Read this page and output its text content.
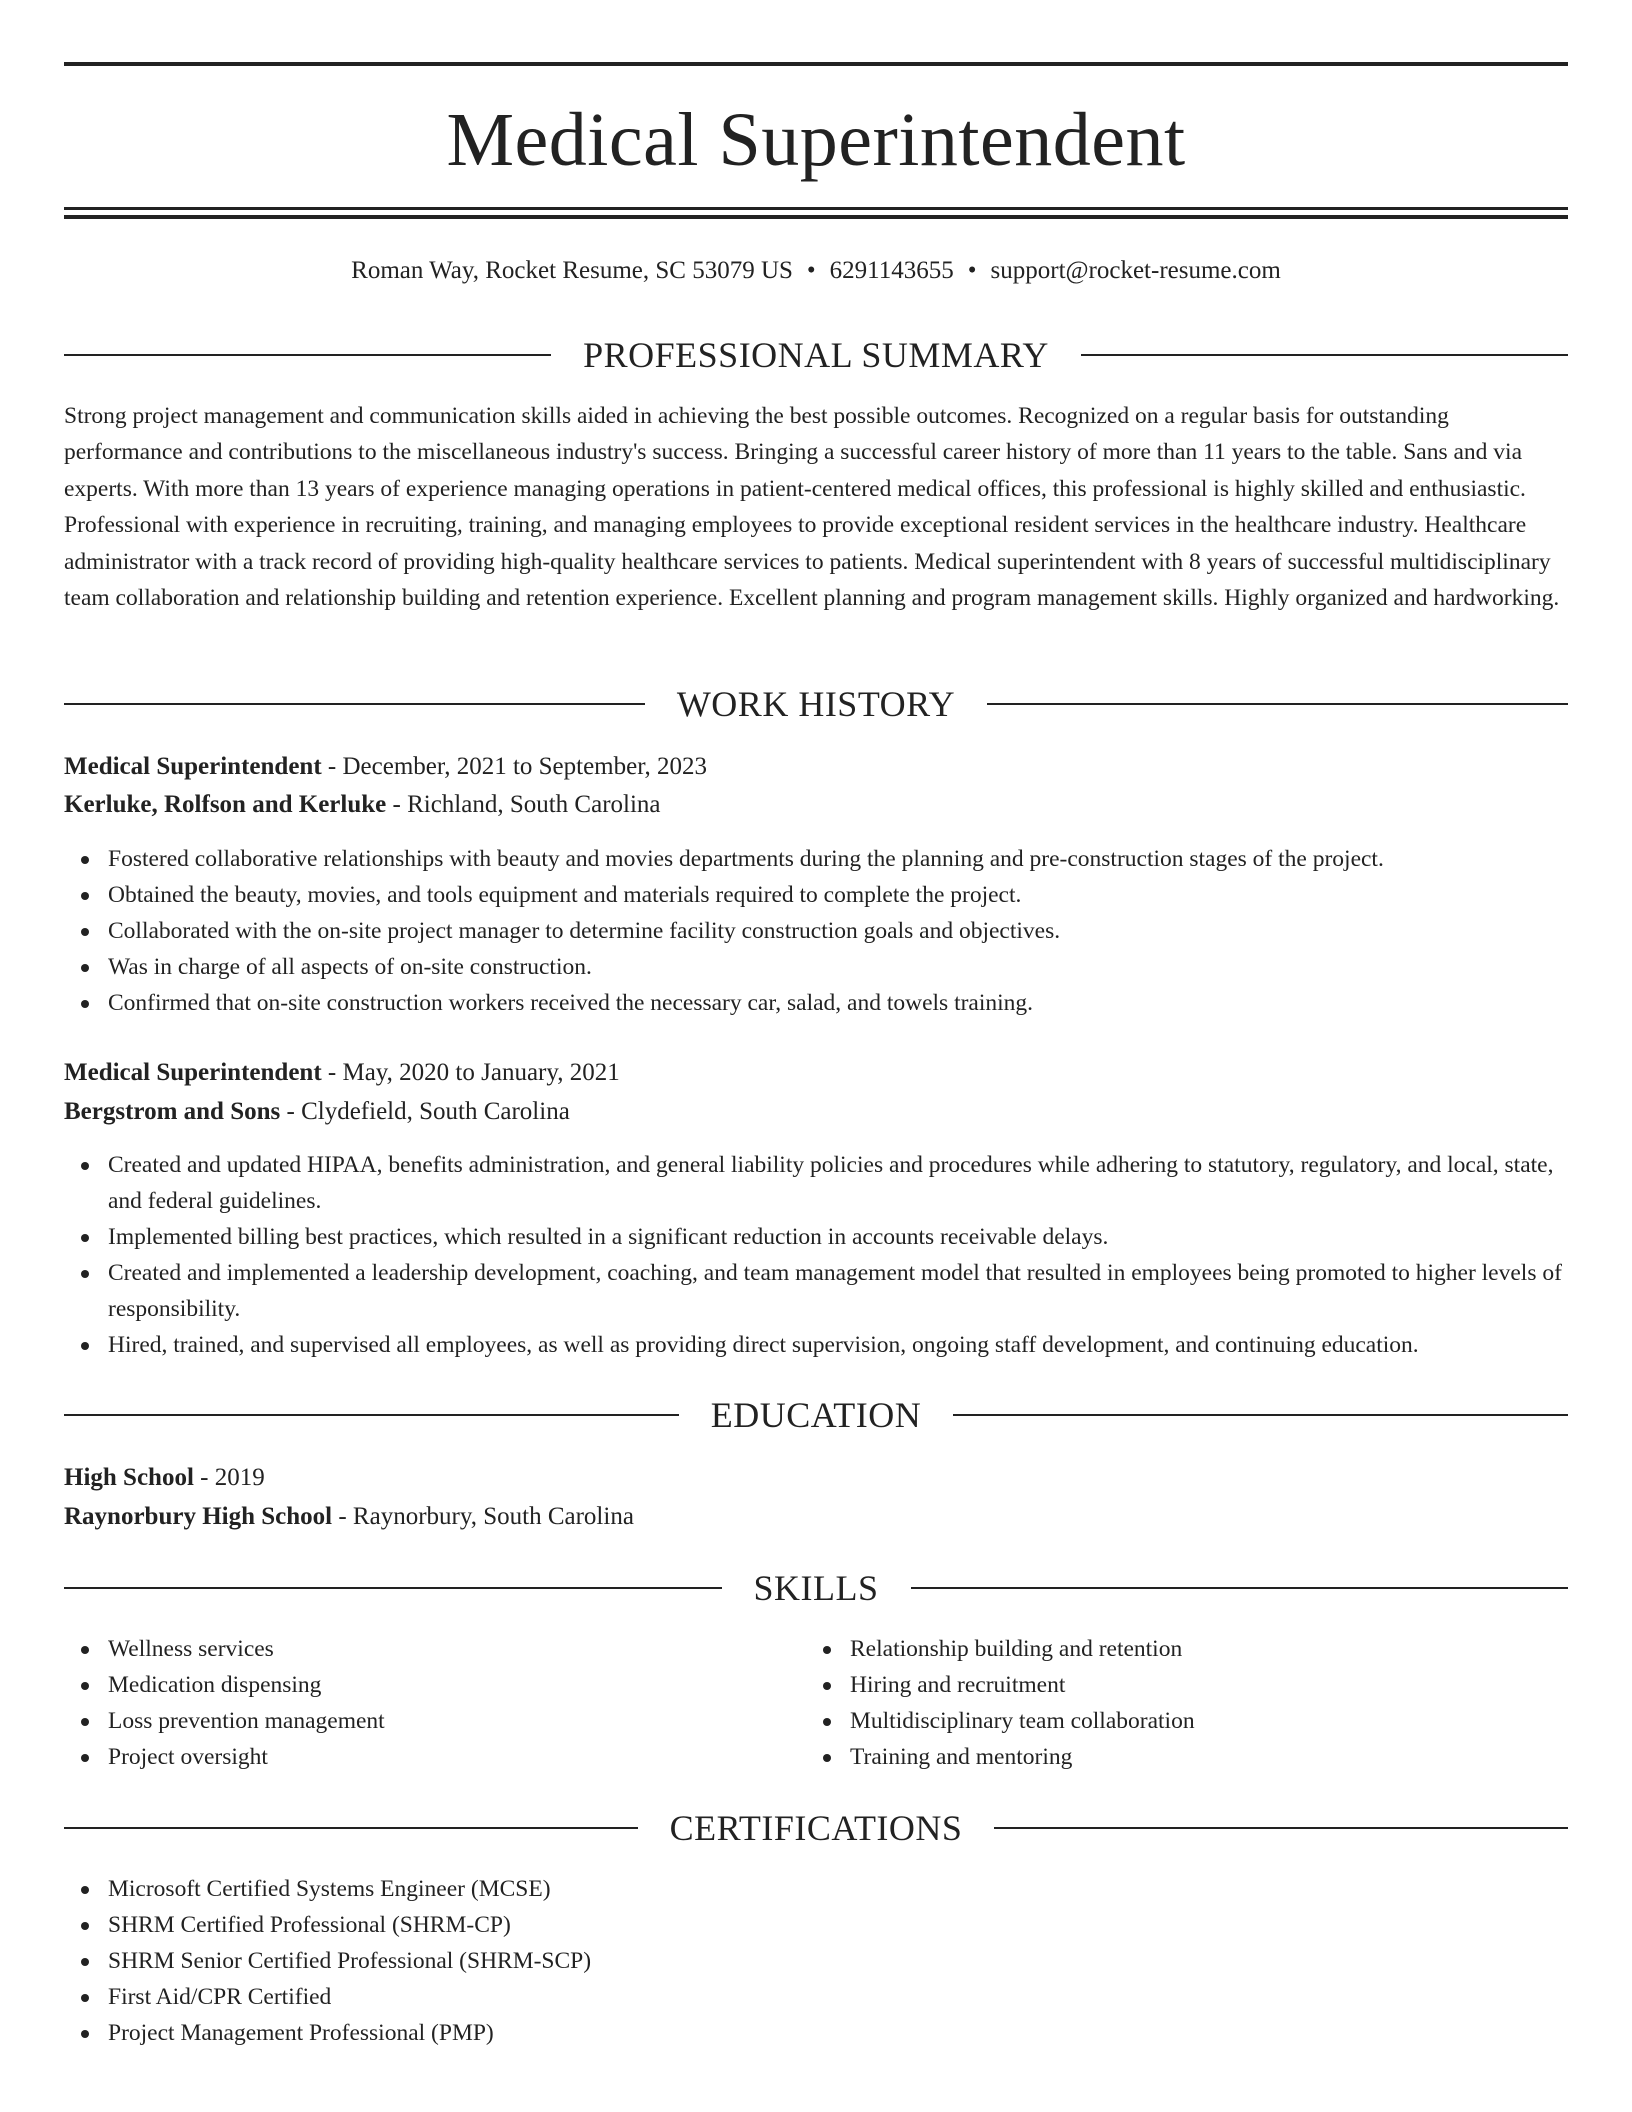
Medical Superintendent
Roman Way, Rocket Resume, SC 53079 US • 6291143655 • support@rocket-resume.com
PROFESSIONAL SUMMARY
Strong project management and communication skills aided in achieving the best possible outcomes. Recognized on a regular basis for outstanding performance and contributions to the miscellaneous industry's success. Bringing a successful career history of more than 11 years to the table. Sans and via experts. With more than 13 years of experience managing operations in patient-centered medical offices, this professional is highly skilled and enthusiastic. Professional with experience in recruiting, training, and managing employees to provide exceptional resident services in the healthcare industry. Healthcare administrator with a track record of providing high-quality healthcare services to patients. Medical superintendent with 8 years of successful multidisciplinary team collaboration and relationship building and retention experience. Excellent planning and program management skills. Highly organized and hardworking.
WORK HISTORY
Medical Superintendent - December, 2021 to September, 2023
Kerluke, Rolfson and Kerluke - Richland, South Carolina
Fostered collaborative relationships with beauty and movies departments during the planning and pre-construction stages of the project.
Obtained the beauty, movies, and tools equipment and materials required to complete the project.
Collaborated with the on-site project manager to determine facility construction goals and objectives.
Was in charge of all aspects of on-site construction.
Confirmed that on-site construction workers received the necessary car, salad, and towels training.
Medical Superintendent - May, 2020 to January, 2021
Bergstrom and Sons - Clydefield, South Carolina
Created and updated HIPAA, benefits administration, and general liability policies and procedures while adhering to statutory, regulatory, and local, state, and federal guidelines.
Implemented billing best practices, which resulted in a significant reduction in accounts receivable delays.
Created and implemented a leadership development, coaching, and team management model that resulted in employees being promoted to higher levels of responsibility.
Hired, trained, and supervised all employees, as well as providing direct supervision, ongoing staff development, and continuing education.
EDUCATION
High School - 2019
Raynorbury High School - Raynorbury, South Carolina
SKILLS
Wellness services
Medication dispensing
Loss prevention management
Project oversight
Relationship building and retention
Hiring and recruitment
Multidisciplinary team collaboration
Training and mentoring
CERTIFICATIONS
Microsoft Certified Systems Engineer (MCSE)
SHRM Certified Professional (SHRM-CP)
SHRM Senior Certified Professional (SHRM-SCP)
First Aid/CPR Certified
Project Management Professional (PMP)
